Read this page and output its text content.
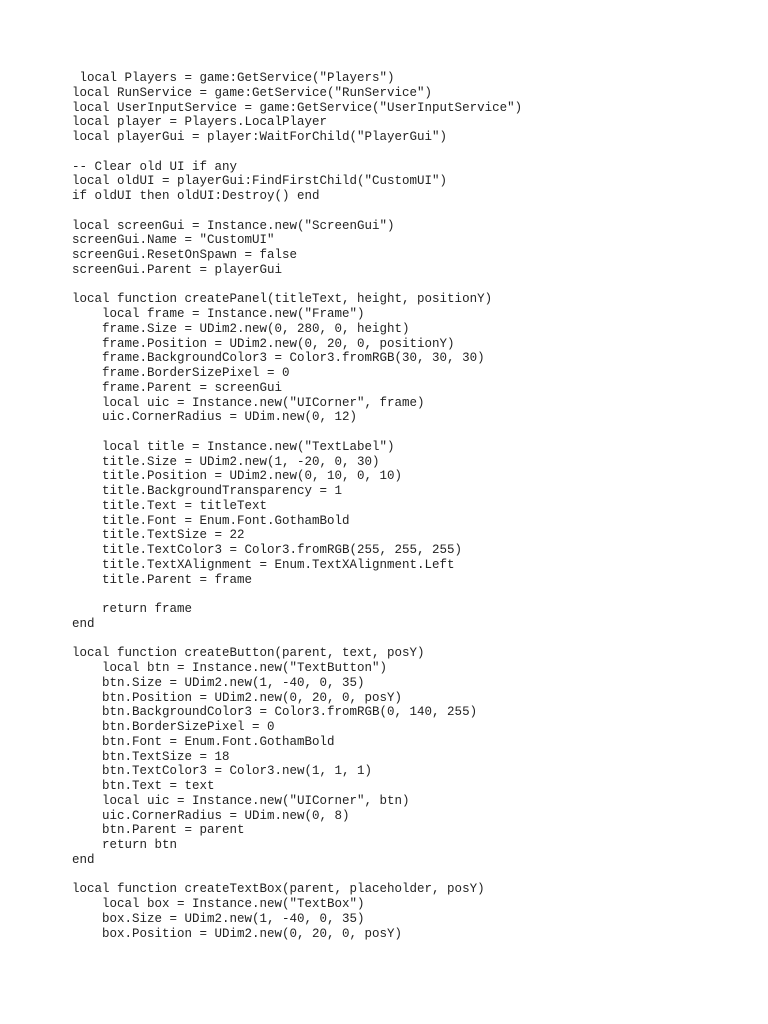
local Players = game:GetService("Players")
local RunService = game:GetService("RunService")
local UserInputService = game:GetService("UserInputService")
local player = Players.LocalPlayer
local playerGui = player:WaitForChild("PlayerGui")
-- Clear old UI if any
local oldUI = playerGui:FindFirstChild("CustomUI")
if oldUI then oldUI:Destroy() end
local screenGui = Instance.new("ScreenGui")
screenGui.Name = "CustomUI"
screenGui.ResetOnSpawn = false
screenGui.Parent = playerGui
local function createPanel(titleText, height, positionY)
local frame = Instance.new("Frame")
frame.Size = UDim2.new(0, 280, 0, height)
frame.Position = UDim2.new(0, 20, 0, positionY)
frame.BackgroundColor3 = Color3.fromRGB(30, 30, 30)
frame.BorderSizePixel = 0
frame.Parent = screenGui
local uic = Instance.new("UICorner", frame)
uic.CornerRadius = UDim.new(0, 12)
local title = Instance.new("TextLabel")
title.Size = UDim2.new(1, -20, 0, 30)
title.Position = UDim2.new(0, 10, 0, 10)
title.BackgroundTransparency = 1
title.Text = titleText
title.Font = Enum.Font.GothamBold
title.TextSize = 22
title.TextColor3 = Color3.fromRGB(255, 255, 255)
title.TextXAlignment = Enum.TextXAlignment.Left
title.Parent = frame
return frame
end
local function createButton(parent, text, posY)
local btn = Instance.new("TextButton")
btn.Size = UDim2.new(1, -40, 0, 35)
btn.Position = UDim2.new(0, 20, 0, posY)
btn.BackgroundColor3 = Color3.fromRGB(0, 140, 255)
btn.BorderSizePixel = 0
btn.Font = Enum.Font.GothamBold
btn.TextSize = 18
btn.TextColor3 = Color3.new(1, 1, 1)
btn.Text = text
local uic = Instance.new("UICorner", btn)
uic.CornerRadius = UDim.new(0, 8)
btn.Parent = parent
return btn
end
local function createTextBox(parent, placeholder, posY)
local box = Instance.new("TextBox")
box.Size = UDim2.new(1, -40, 0, 35)
box.Position = UDim2.new(0, 20, 0, posY)
